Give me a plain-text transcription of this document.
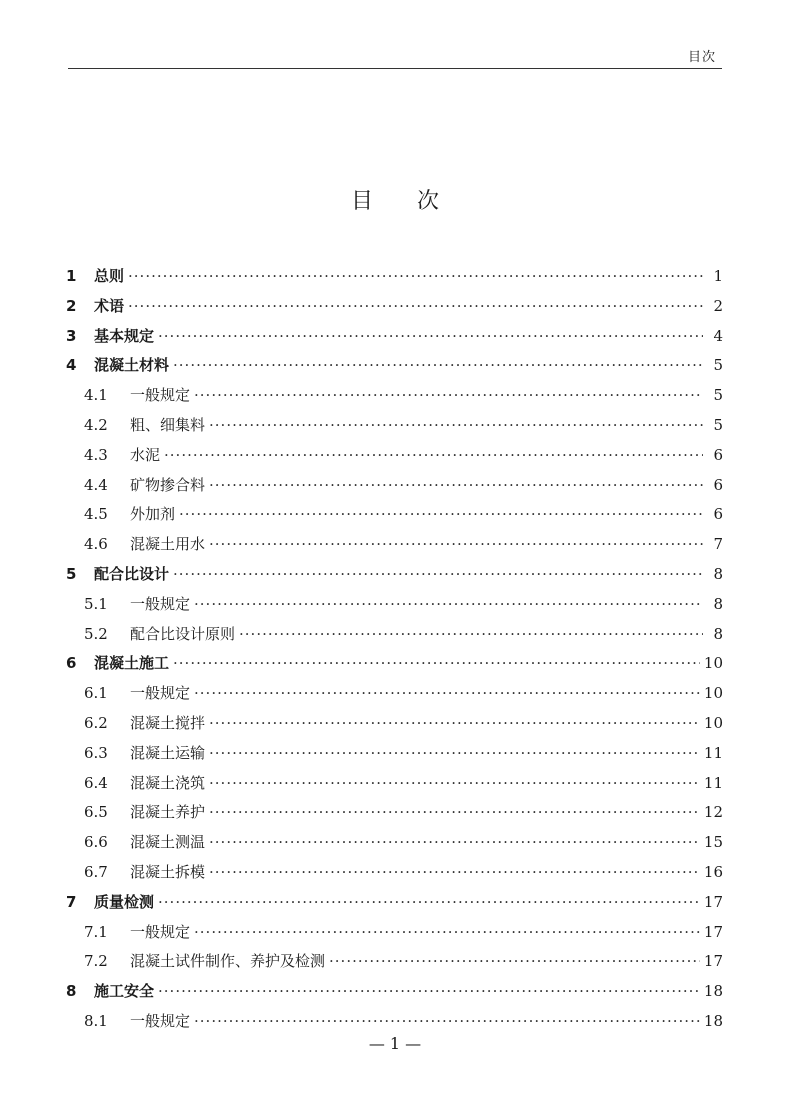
目次
目次
1	总则 ·····	1
2	术语 ·····	2
3	基本规定 ·····	4
4	混凝土材料 ·····	5
4.1	一般规定 ·····	5
4.2	粗、细集料 ·····	5
4.3	水泥 ·····	6
4.4	矿物掺合料 ·····	6
4.5	外加剂 ·····	6
4.6	混凝土用水 ·····	7
5	配合比设计 ·····	8
5.1	一般规定 ·····	8
5.2	配合比设计原则 ·····	8
6	混凝土施工 ·····	10
6.1	一般规定 ·····	10
6.2	混凝土搅拌 ·····	10
6.3	混凝土运输 ·····	11
6.4	混凝土浇筑 ·····	11
6.5	混凝土养护 ·····	12
6.6	混凝土测温 ·····	15
6.7	混凝土拆模 ·····	16
7	质量检测 ·····	17
7.1	一般规定 ·····	17
7.2	混凝土试件制作、养护及检测 ·····	17
8	施工安全 ·····	18
8.1	一般规定 ·····	18
— 1 —
